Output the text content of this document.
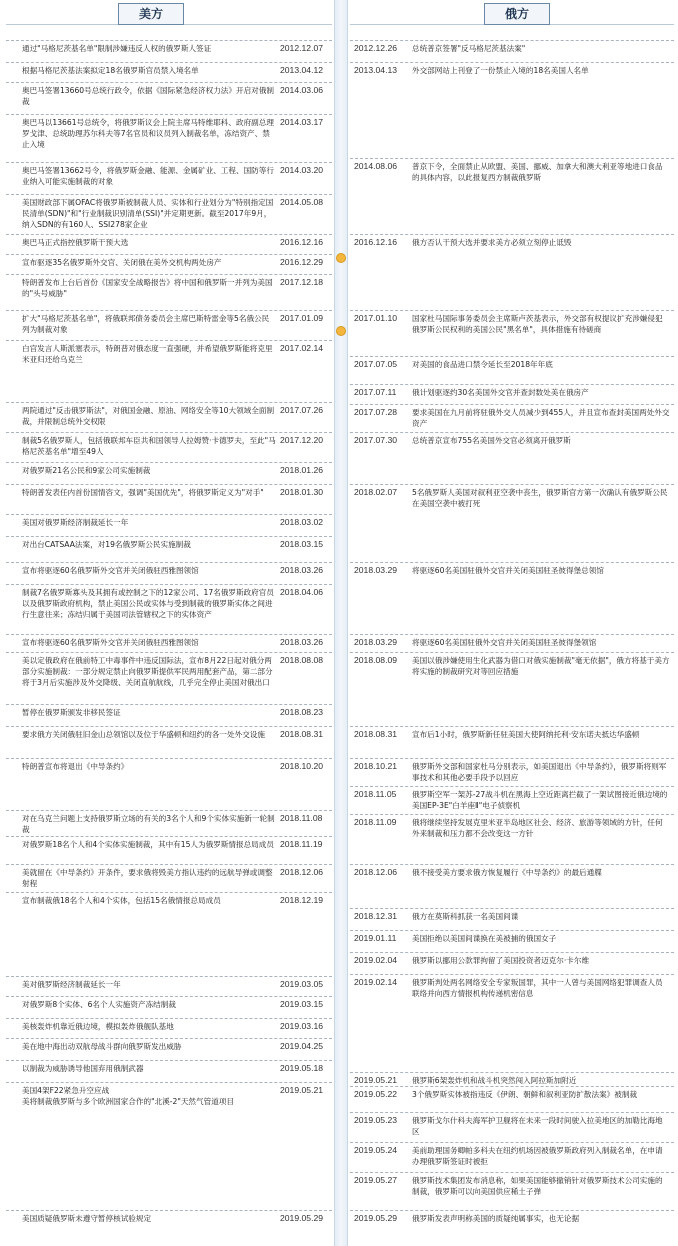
美方	俄方
通过"马格尼茨基名单"限制涉嫌违反人权的俄罗斯人签证	2012.12.07
根据马格尼茨基法案拟定18名俄罗斯官员禁入境名单	2013.04.12
奥巴马签署13660号总统行政令，依据《国际紧急经济权力法》开启对俄制裁
2014.03.06
奥巴马以13661号总统令，将俄罗斯议会上院主席马特维耶科、政府副总理罗戈津、总统助理苏尔科夫等7名官员和议员列入制裁名单，冻结资产、禁止入境
2014.03.17
奥巴马签署13662号令，将俄罗斯金融、能源、金属矿业、工程、国防等行业纳入可能实施制裁的对象
2014.03.20
美国财政部下属OFAC将俄罗斯被制裁人员、实体和行业划分为"特别指定国民清单(SDN)"和"行业制裁识别清单(SSI)"并定期更新。截至2017年9月，纳入SDN的有160人、SSI278家企业
2014.05.08
奥巴马正式指控俄罗斯干预大选	2016.12.16
宣布驱逐35名俄罗斯外交官、关闭俄在美外交机构两处房产	2016.12.29
特朗普发布上台后首份《国家安全战略报告》将中国和俄罗斯一并列为美国的"头号威胁"
2017.12.18
扩大"马格尼茨基名单"，将俄联邦债务委员会主席巴斯特雷金等5名俄公民列为制裁对象
2017.01.09
白宫发言人斯派塞表示，特朗普对俄态度一直强硬，并希望俄罗斯能将克里米亚归还给乌克兰
2017.02.14
两院通过"反击俄罗斯法"，对俄国金融、原油、网络安全等10大领域全面制裁，并限制总统外交权限
2017.07.26
制裁5名俄罗斯人，包括俄联邦车臣共和国领导人拉姆赞·卡德罗夫，至此"马格尼茨基名单"增至49人
2017.12.20
对俄罗斯21名公民和9家公司实施制裁	2018.01.26
特朗普发表任内首份国情咨文，强调"美国优先"，将俄罗斯定义为"对手"	2018.01.30
美国对俄罗斯经济制裁延长一年	2018.03.02
对出台CATSAA法案，对19名俄罗斯公民实施制裁	2018.03.15
宣布将驱逐60名俄罗斯外交官并关闭俄驻西雅图领馆	2018.03.26
制裁7名俄罗斯寡头及其拥有或控制之下的12家公司、17名俄罗斯政府官员以及俄罗斯政府机构，禁止美国公民或实体与受到制裁的俄罗斯实体之间进行生意往来；冻结归属于美国司法管辖权之下的实体资产
2018.04.06
宣布将驱逐60名俄罗斯外交官并关闭俄驻西雅图领馆	2018.03.26
美以定俄政府在俄前特工中毒事件中违反国际法，宣布8月22日起对俄分两部分实施制裁：一部分规定禁止向俄罗斯提供军民两用配套产品，第二部分将于3月后实施涉及外交降级、关闭直航航线，几乎完全停止美国对俄出口
2018.08.08
暂停在俄罗斯颁发非移民签证	2018.08.23
要求俄方关闭俄驻旧金山总领馆以及位于华盛顿和纽约的各一处外交设施	2018.08.31
特朗普宣布将退出《中导条约》	2018.10.20
对在乌克兰问题上支持俄罗斯立场的有关的3名个人和9个实体实施新一轮制裁
2018.11.08
对俄罗斯18名个人和4个实体实施制裁，其中有15人为俄罗斯情报总局成员 2018.11.19
美就留在《中导条约》开条件，要求俄将毁美方指认违约的远航导弹或调整射程
2018.12.06
宣布制裁俄18名个人和4个实体，包括15名俄情报总局成员	2018.12.19
美对俄罗斯经济制裁延长一年	2019.03.05
对俄罗斯8个实体、6名个人实施资产冻结制裁	2019.03.15
美核轰炸机靠近俄边境，模拟轰炸俄舰队基地	2019.03.16
美在地中海出动双航母战斗群向俄罗斯发出威胁	2019.04.25
以制裁为威胁诱导他国弃用俄制武器	2019.05.18
美国4架F22紧急升空应战
美将制裁俄罗斯与多个欧洲国家合作的"北溪-2"天然气管道项目
2019.05.21
美国质疑俄罗斯未遵守暂停核试验规定	2019.05.29
2012.12.26	总统普京签署"反马格尼茨基法案"
2013.04.13	外交部网站上刊登了一份禁止入境的18名美国人名单
2014.08.06	普京下令，全面禁止从欧盟、美国、挪威、加拿大和澳大利亚等地进口食品的具体内容，以此报复西方制裁俄罗斯
2016.12.16	俄方否认干预大选并要求美方必须立刻停止诋毁
2017.01.10	国家杜马国际事务委员会主席斯卢茨基表示，外交部有权提议扩充涉嫌侵犯俄罗斯公民权利的美国公民"黑名单"，具体措施有待磋商
2017.07.05	对美国的食品进口禁令延长至2018年年底
2017.07.11	俄计划驱逐约30名美国外交官并查封数处美在俄房产
2017.07.28	要求美国在九月前将驻俄外交人员减少到455人，并且宣布查封美国两处外交资产
2017.07.30	总统普京宣布755名美国外交官必须离开俄罗斯
2018.02.07	5名俄罗斯人美国对叙利亚空袭中丧生，俄罗斯官方第一次确认有俄罗斯公民在美国空袭中被打死
2018.03.29	将驱逐60名美国驻俄外交官并关闭美国驻圣彼得堡总领馆
2018.03.29	将驱逐60名美国驻俄外交官并关闭美国驻圣彼得堡领馆
2018.08.09	美国以俄涉嫌使用生化武器为借口对俄实施制裁"毫无依据"，俄方将基于美方将实施的制裁研究对等回应措施
2018.08.31	宣布后1小时，俄罗斯新任驻美国大使阿纳托利·安东诺夫抵达华盛顿
2018.10.21	俄罗斯外交部和国家杜马分别表示，如美国退出《中导条约》，俄罗斯将则军事技术和其他必要手段予以回应
2018.11.05	俄罗斯空军一架苏-27战斗机在黑海上空近距离拦截了一架试图接近俄边境的美国EP-3E"白羊座Ⅱ"电子侦察机
2018.11.09	俄将继续坚持发展克里米亚半岛地区社会、经济、旅游等领域的方针，任何外来制裁和压力都不会改变这一方针
2018.12.06	俄不接受美方要求俄方恢复履行《中导条约》的最后通牒
2018.12.31	俄方在莫斯科抓获一名美国间谍
2019.01.11	美国拒绝以美国间谍换在美被捕的俄国女子
2019.02.04	俄罗斯以挪用公款罪拘留了美国投资者迈克尔·卡尔维
2019.02.14	俄罗斯判处两名网络安全专家叛国罪，其中一人曾与美国网络犯罪调查人员联络并向西方情报机构传递机密信息
2019.05.21	俄罗斯6架轰炸机和战斗机突然闯入阿拉斯加附近
2019.05.22	3个俄罗斯实体被指违反《伊朗、朝鲜和叙利亚防扩散法案》被制裁
2019.05.23	俄罗斯戈尔什科夫海军护卫舰将在未来一段时间驶入拉美地区的加勒比海地区
2019.05.24	美前助理国务卿帕多科夫在纽约机场因被俄罗斯政府列入制裁名单，在申请办理俄罗斯签证时被拒
2019.05.27	俄罗斯技术集团发布消息称，如果美国能够撤销针对俄罗斯技术公司实施的制裁，俄罗斯可以向美国供应稀土子弹
2019.05.29	俄罗斯发表声明称美国的质疑纯属事实，也无论据
